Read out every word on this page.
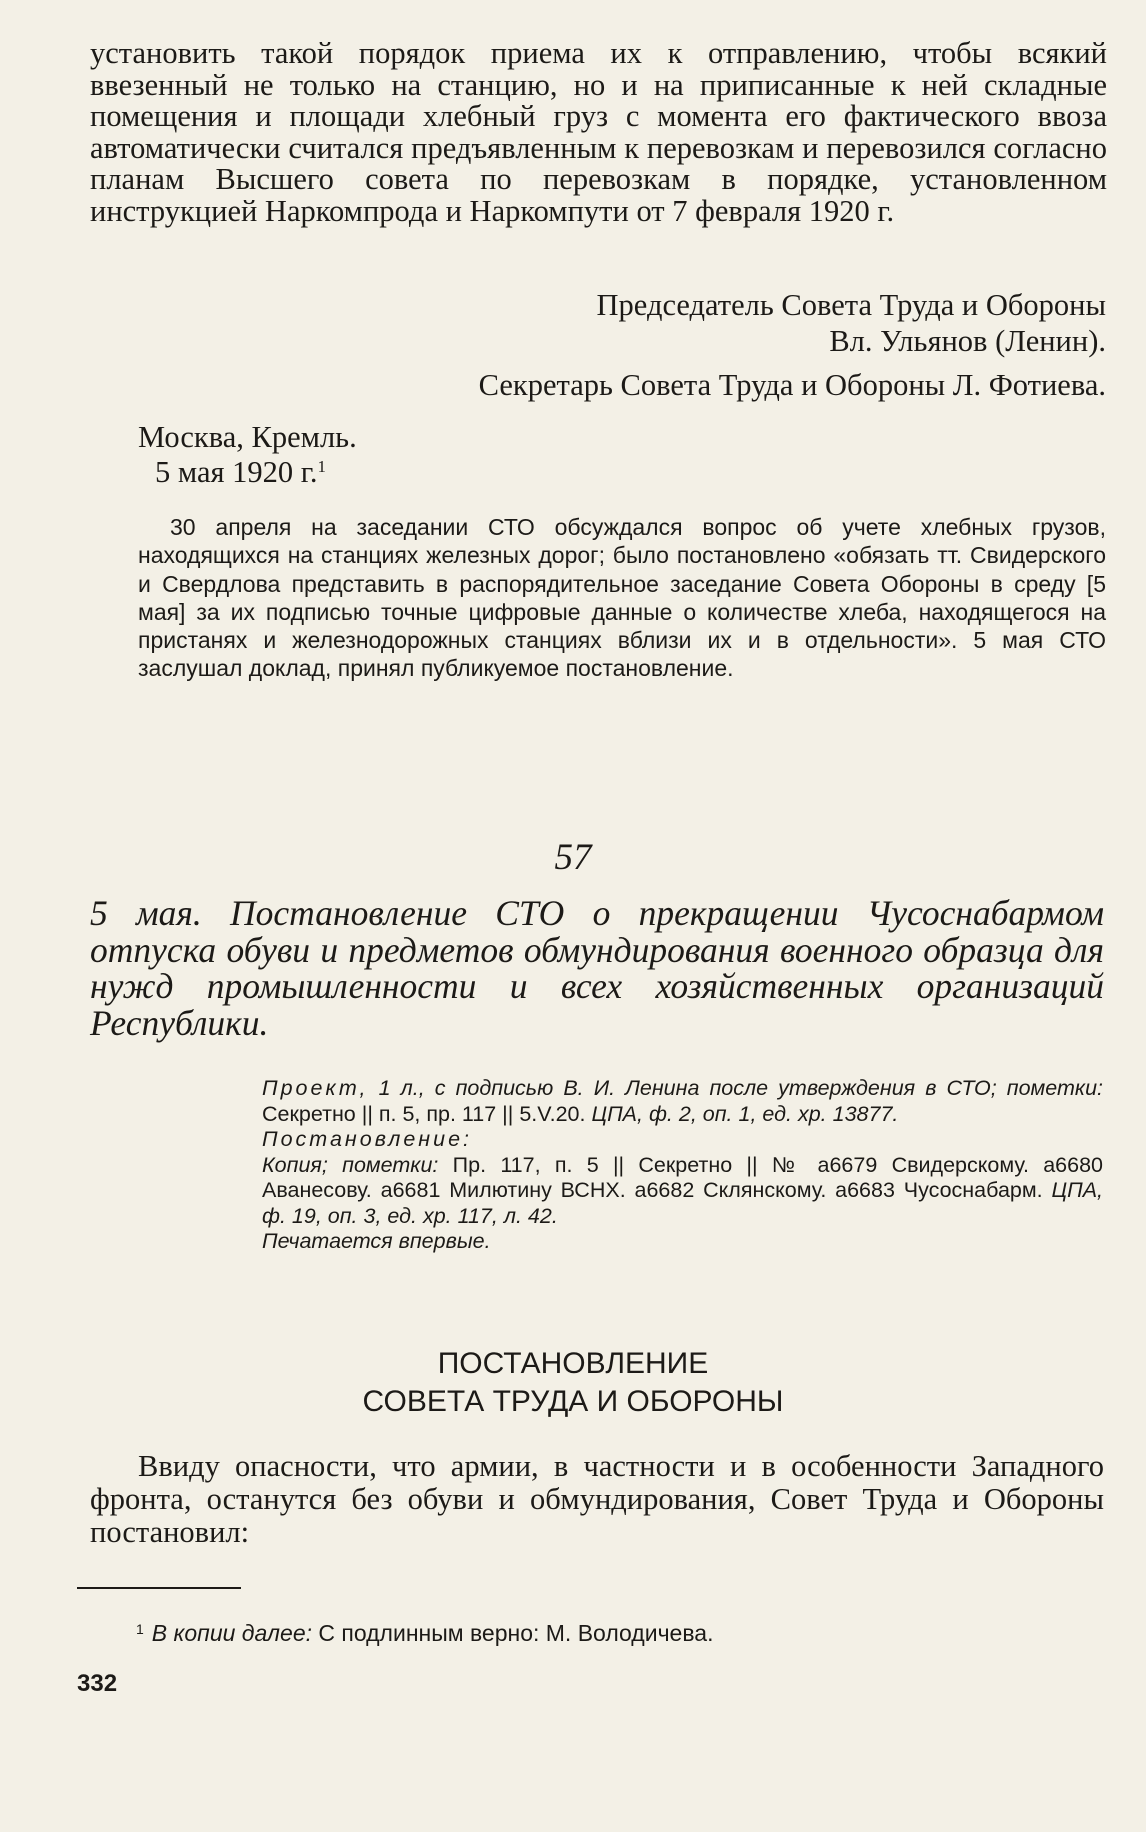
установить такой порядок приема их к отправлению, чтобы всякий ввезенный не только на станцию, но и на приписанные к ней складные помещения и площади хлебный груз с момента его фактического ввоза автоматически считался предъявленным к перевозкам и перевозился согласно планам Высшего совета по перевозкам в порядке, установленном инструкцией Наркомпрода и Наркомпути от 7 февраля 1920 г.

Председатель Совета Труда и Обороны
Вл. Ульянов (Ленин).
Секретарь Совета Труда и Обороны Л. Фотиева.
Москва, Кремль.
5 мая 1920 г.$^1$

30 апреля на заседании СТО обсуждался вопрос об учете хлебных грузов, находящихся на станциях железных дорог; было постановлено «обязать тт. Свидерского и Свердлова представить в распорядительное заседание Совета Обороны в среду [5 мая] за их подписью точные цифровые данные о количестве хлеба, находящегося на пристанях и железнодорожных станциях вблизи их и в отдельности». 5 мая СТО заслушал доклад, принял публикуемое постановление.

57

5 мая. Постановление СТО о прекращении Чусоснабармом отпуска обуви и предметов обмундирования военного образца для нужд промышленности и всех хозяйственных организаций Республики.

Проект, 1 л., с подписью В. И. Ленина после утверждения в СТО; пометки: Секретно || п. 5, пр. 117 || 5.V.20. ЦПА, ф. 2, оп. 1, ед. хр. 13877.
Постановление:
Копия; пометки: Пр. 117, п. 5 || Секретно || № а6679 Свидерскому. а6680 Аванесову. а6681 Милютину ВСНХ. а6682 Склянскому. а6683 Чусоснабарм. ЦПА, ф. 19, оп. 3, ед. хр. 117, л. 42.
Печатается впервые.
ПОСТАНОВЛЕНИЕ
СОВЕТА ТРУДА И ОБОРОНЫ

Ввиду опасности, что армии, в частности и в особенности Западного фронта, останутся без обуви и обмундирования, Совет Труда и Обороны постановил:

$^1$ В копии далее: С подлинным верно: М. Володичева.
332
